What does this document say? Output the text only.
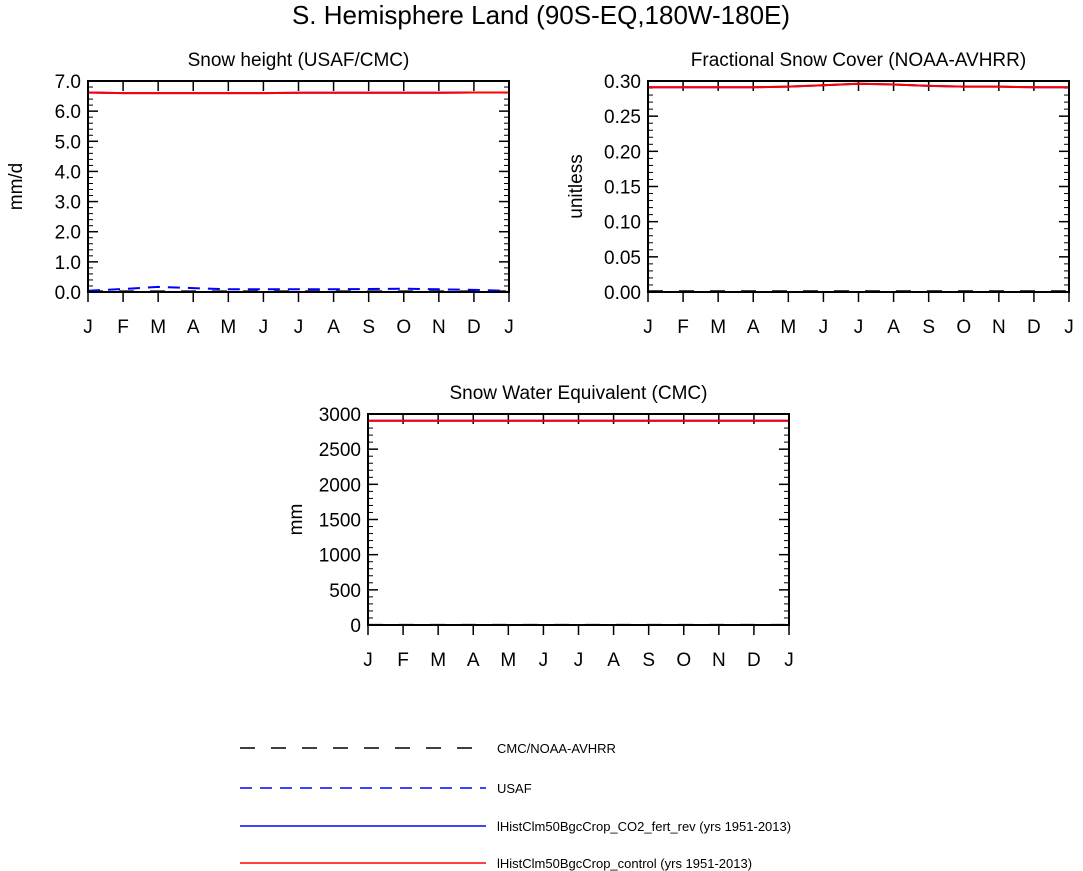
S. Hemisphere Land (90S-EQ,180W-180E)
Snow height (USAF/CMC)
mm/d
0.0
1.0
2.0
3.0
4.0
5.0
6.0
7.0
J F M A M J J A S O N D J
Fractional Snow Cover (NOAA-AVHRR)
unitless
0.00
0.05
0.10
0.15
0.20
0.25
0.30
J F M A M J J A S O N D J
Snow Water Equivalent (CMC)
mm
0
500
1000
1500
2000
2500
3000
J F M A M J J A S O N D J
CMC/NOAA-AVHRR
USAF
lHistClm50BgcCrop_CO2_fert_rev (yrs 1951-2013)
lHistClm50BgcCrop_control (yrs 1951-2013)
